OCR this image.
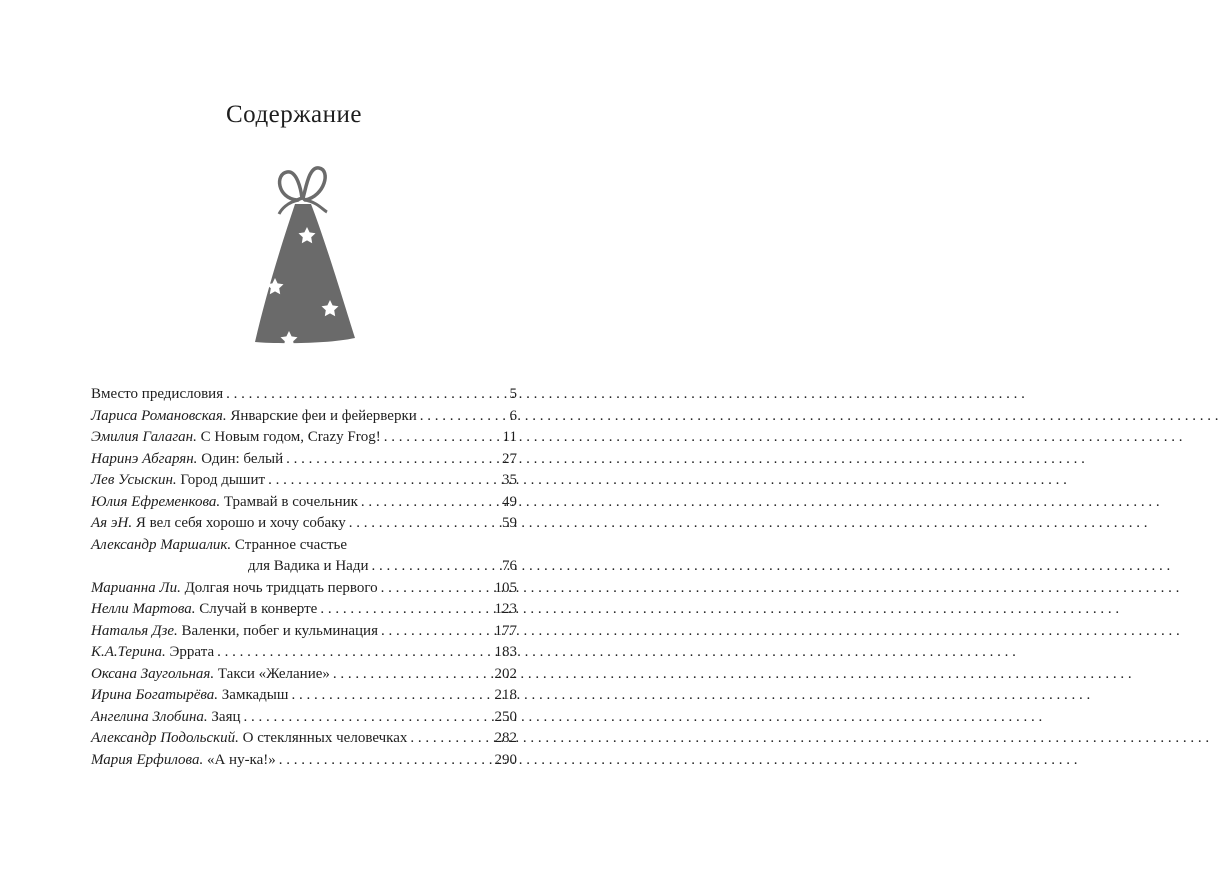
Содержание
Вместо предисловия . . .	5
Лариса Романовская. Январские феи и фейерверки . . .	6
Эмилия Галаган. С Новым годом, Crazy Frog! . . .	11
Наринэ Абгарян. Один: белый . . .	27
Лев Усыскин. Город дышит . . .	35
Юлия Ефременкова. Трамвай в сочельник . . .	49
Ая эН. Я вел себя хорошо и хочу собаку . . .	59
Александр Маршалик. Странное счастье
для Вадика и Нади . . .	76
Марианна Ли. Долгая ночь тридцать первого . . .	105
Нелли Мартова. Случай в конверте . . .	123
Наталья Дзе. Валенки, побег и кульминация . . .	177
К.А.Терина. Эррата . . .	183
Оксана Заугольная. Такси «Желание» . . .	202
Ирина Богатырёва. Замкадыш . . .	218
Ангелина Злобина. Заяц . . .	250
Александр Подольский. О стеклянных человечках . . .	282
Мария Ерфилова. «А ну-ка!» . . .	290
